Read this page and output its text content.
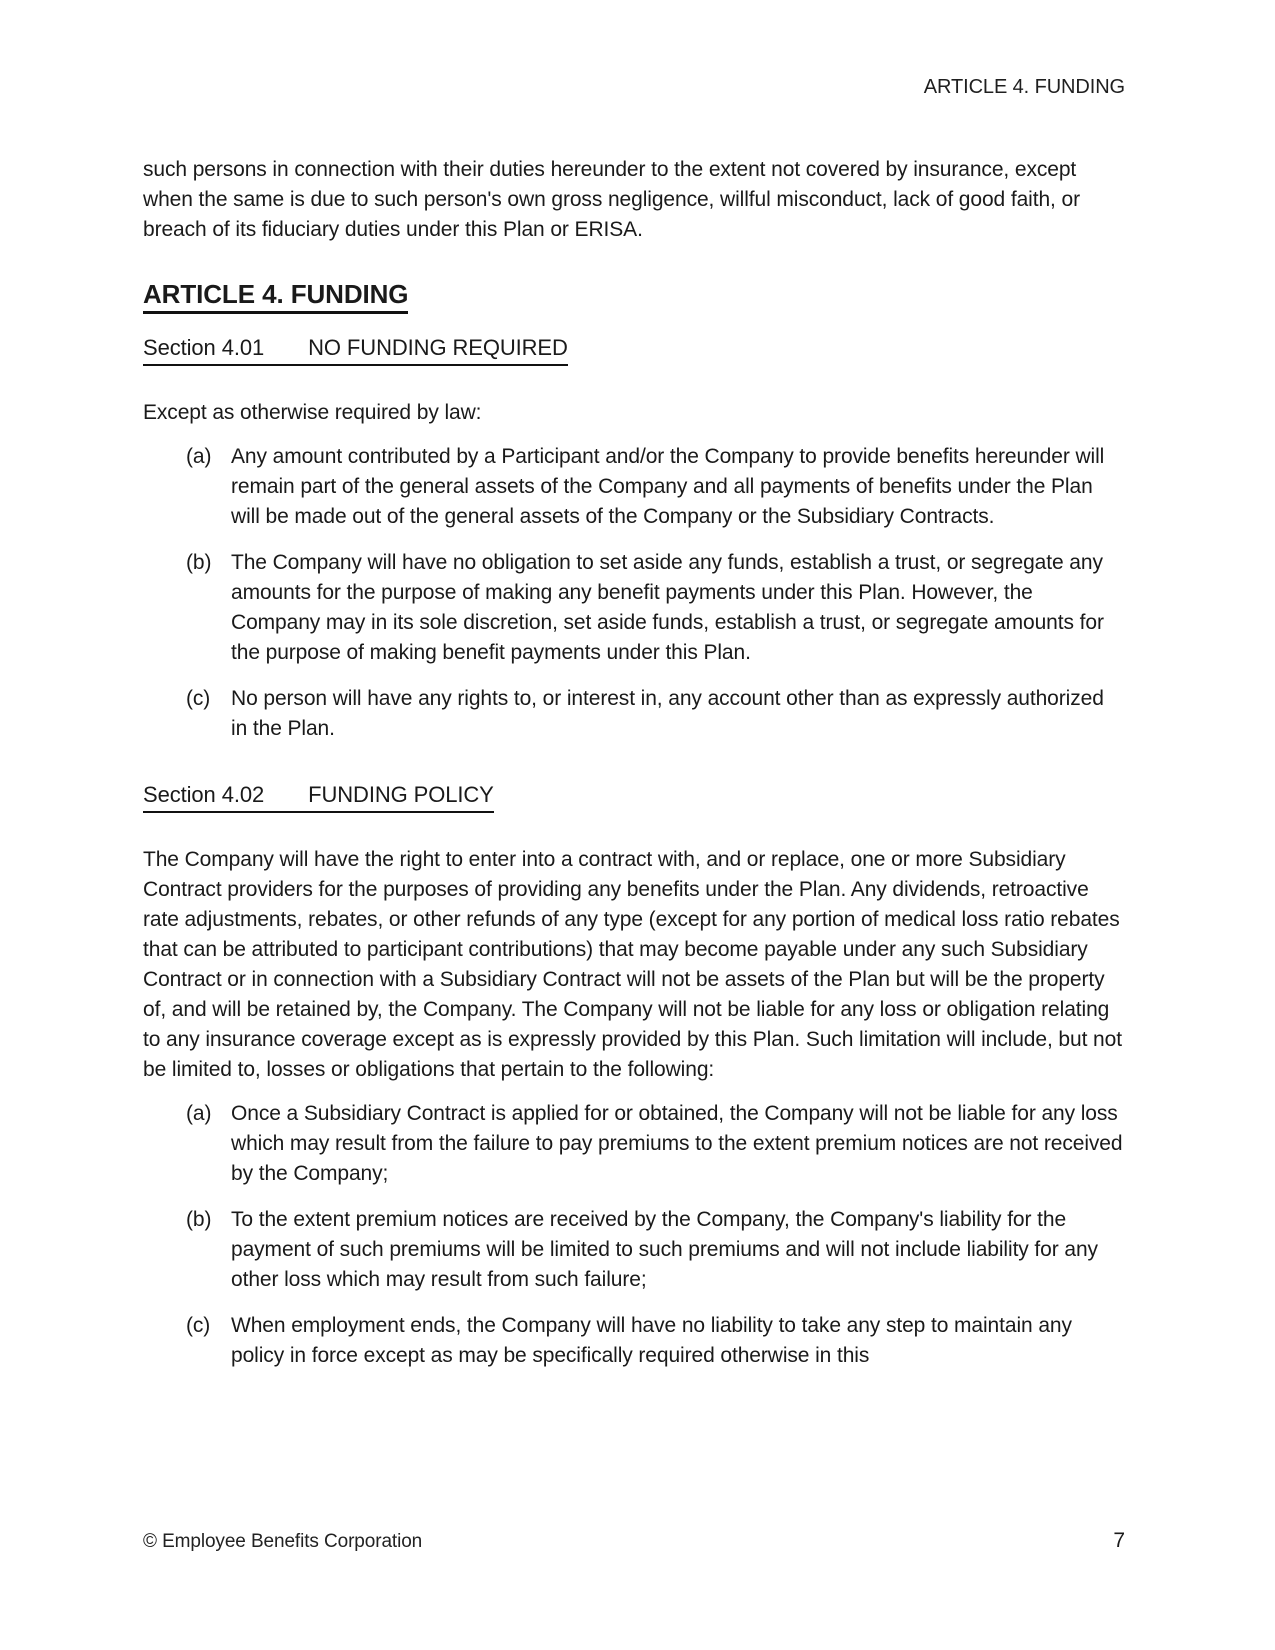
ARTICLE 4. FUNDING

such persons in connection with their duties hereunder to the extent not covered by insurance, except when the same is due to such person's own gross negligence, willful misconduct, lack of good faith, or breach of its fiduciary duties under this Plan or ERISA.

ARTICLE 4. FUNDING
Section 4.01 NO FUNDING REQUIRED

Except as otherwise required by law:

(a) Any amount contributed by a Participant and/or the Company to provide benefits hereunder will remain part of the general assets of the Company and all payments of benefits under the Plan will be made out of the general assets of the Company or the Subsidiary Contracts.
(b) The Company will have no obligation to set aside any funds, establish a trust, or segregate any amounts for the purpose of making any benefit payments under this Plan. However, the Company may in its sole discretion, set aside funds, establish a trust, or segregate amounts for the purpose of making benefit payments under this Plan.
(c) No person will have any rights to, or interest in, any account other than as expressly authorized in the Plan.
Section 4.02 FUNDING POLICY

The Company will have the right to enter into a contract with, and or replace, one or more Subsidiary Contract providers for the purposes of providing any benefits under the Plan. Any dividends, retroactive rate adjustments, rebates, or other refunds of any type (except for any portion of medical loss ratio rebates that can be attributed to participant contributions) that may become payable under any such Subsidiary Contract or in connection with a Subsidiary Contract will not be assets of the Plan but will be the property of, and will be retained by, the Company. The Company will not be liable for any loss or obligation relating to any insurance coverage except as is expressly provided by this Plan. Such limitation will include, but not be limited to, losses or obligations that pertain to the following:

(a) Once a Subsidiary Contract is applied for or obtained, the Company will not be liable for any loss which may result from the failure to pay premiums to the extent premium notices are not received by the Company;
(b) To the extent premium notices are received by the Company, the Company's liability for the payment of such premiums will be limited to such premiums and will not include liability for any other loss which may result from such failure;
(c) When employment ends, the Company will have no liability to take any step to maintain any policy in force except as may be specifically required otherwise in this
© Employee Benefits Corporation	7
